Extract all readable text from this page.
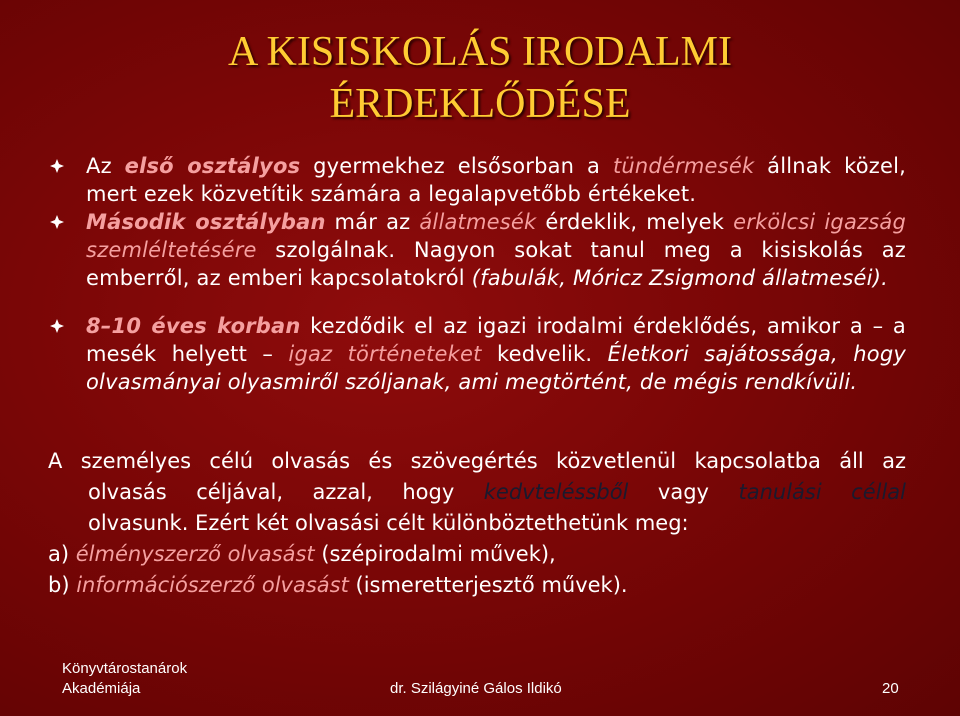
A KISISKOLÁS IRODALMI
ÉRDEKLŐDÉSE
Az első osztályos gyermekhez elsősorban a tündérmesék állnak közel, mert ezek közvetítik számára a legalapvetőbb értékeket.
Második osztályban már az állatmesék érdeklik, melyek erkölcsi igazság szemléltetésére szolgálnak. Nagyon sokat tanul meg a kisiskolás az emberről, az emberi kapcsolatokról (fabulák, Móricz Zsigmond állatmeséi).
8–10 éves korban kezdődik el az igazi irodalmi érdeklődés, amikor a – a mesék helyett – igaz történeteket kedvelik. Életkori sajátossága, hogy olvasmányai olyasmiről szóljanak, ami megtörtént, de mégis rendkívüli.
A személyes célú olvasás és szövegértés közvetlenül kapcsolatba áll az
olvasás céljával, azzal, hogy kedvteléssből vagy tanulási céllal
olvasunk. Ezért két olvasási célt különböztethetünk meg:
a) élményszerző olvasást (szépirodalmi művek),
b) információszerző olvasást (ismeretterjesztő művek).
Könyvtárostanárok
Akadémiája	dr. Szilágyiné Gálos Ildikó	20
